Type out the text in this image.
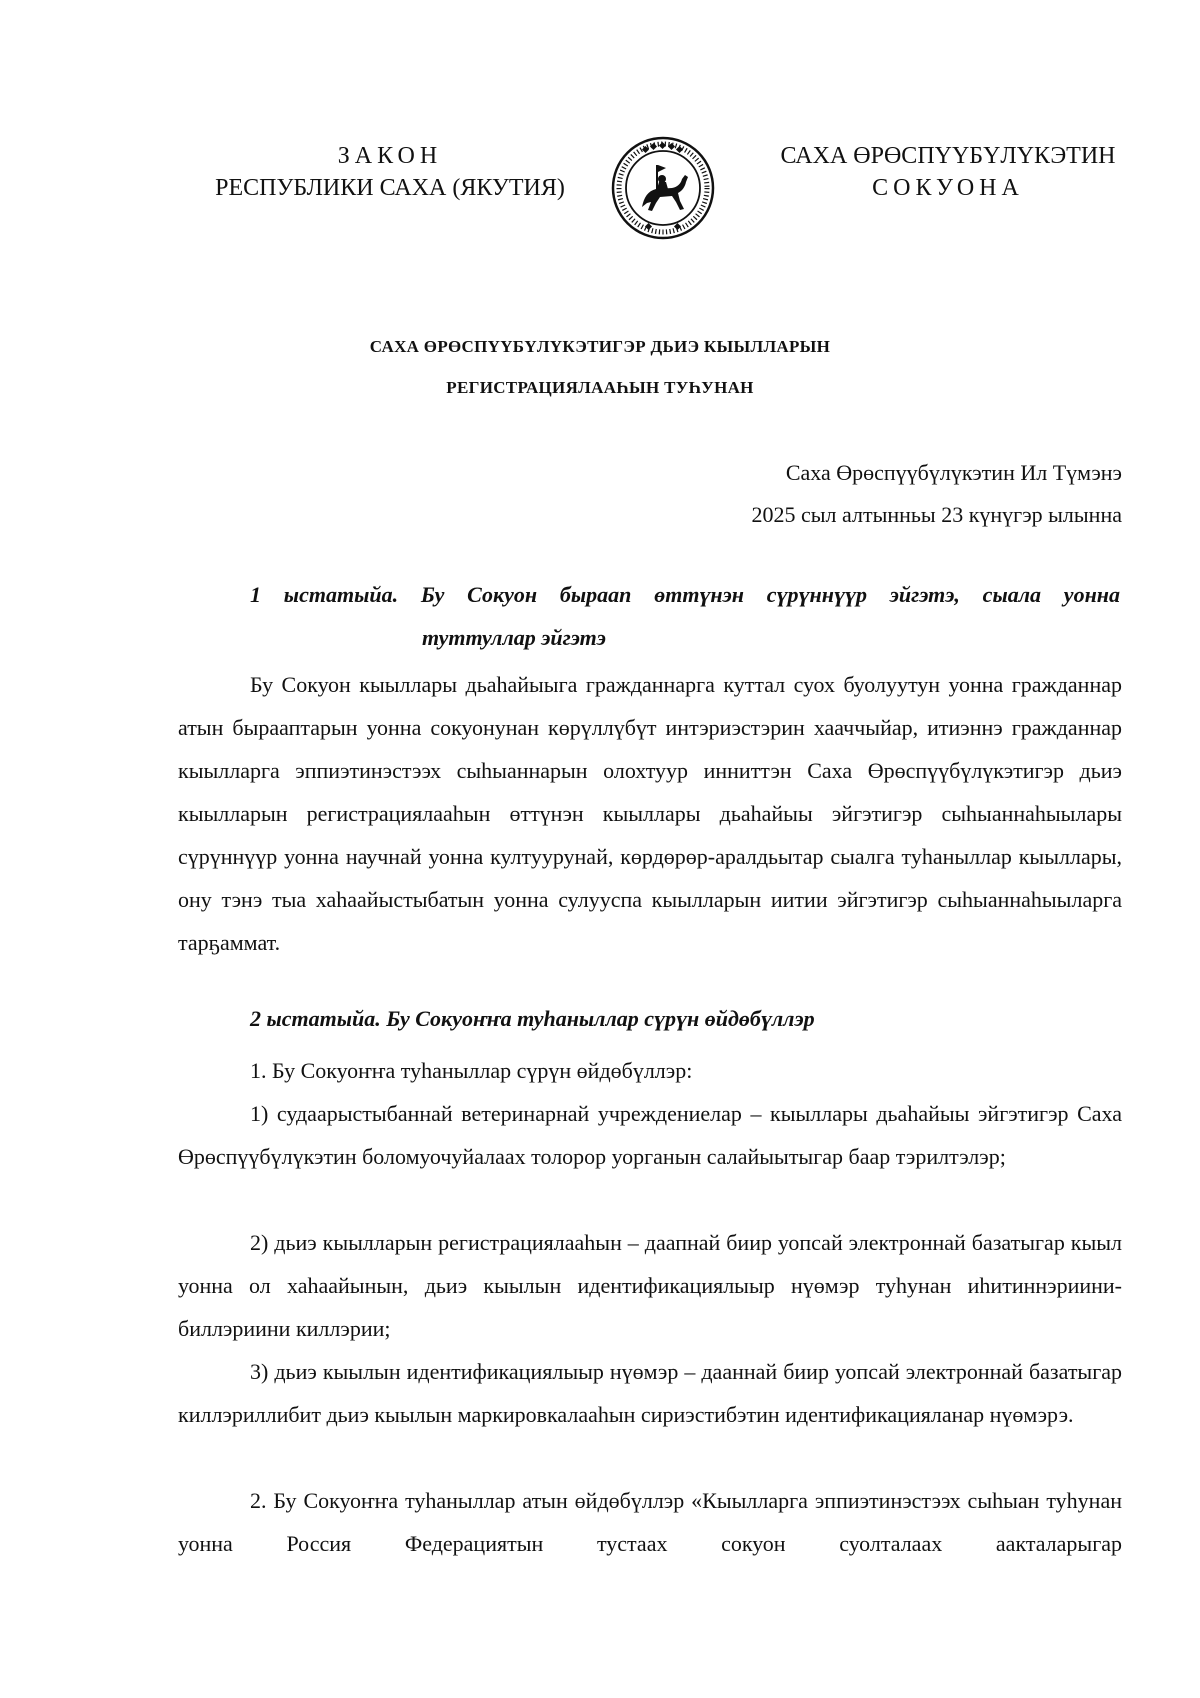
ЗАКОН
РЕСПУБЛИКИ САХА (ЯКУТИЯ)
САХА ӨРӨСПҮҮБҮЛҮКЭТИН
СОКУОНА
САХА ӨРӨСПҮҮБҮЛҮКЭТИГЭР ДЬИЭ КЫЫЛЛАРЫН
РЕГИСТРАЦИЯЛААҺЫН ТУҺУНАН
Саха Өрөспүүбүлүкэтин Ил Түмэнэ
2025 сыл алтынньы 23 күнүгэр ылынна
1 ыстатыйа. Бу Сокуон быраап өттүнэн сүрүннүүр эйгэтэ, сыала уонна
туттуллар эйгэтэ
Бу Сокуон кыыллары дьаһайыыга гражданнарга куттал суох буолуутун уонна гражданнар атын бырааптарын уонна сокуонунан көрүллүбүт интэриэстэрин хааччыйар, итиэннэ гражданнар кыылларга эппиэтинэстээх сыһыаннарын олохтуур инниттэн Саха Өрөспүүбүлүкэтигэр дьиэ кыылларын регистрациялааһын өттүнэн кыыллары дьаһайыы эйгэтигэр сыһыаннаһыылары сүрүннүүр уонна научнай уонна култуурунай, көрдөрөр-аралдьытар сыалга туһаныллар кыыллары, ону тэнэ тыа хаһаайыстыбатын уонна сулууспа кыылларын иитии эйгэтигэр сыһыаннаһыыларга тарҕаммат.
2 ыстатыйа. Бу Сокуоҥҥа туһаныллар сүрүн өйдөбүллэр
1. Бу Сокуоҥҥа туһаныллар сүрүн өйдөбүллэр:
1) судаарыстыбаннай ветеринарнай учреждениелар – кыыллары дьаһайыы эйгэтигэр Саха Өрөспүүбүлүкэтин боломуочуйалаах толорор уорганын салайыытыгар баар тэрилтэлэр;
2) дьиэ кыылларын регистрациялааһын – даапнай биир уопсай электроннай базатыгар кыыл уонна ол хаһаайынын, дьиэ кыылын идентификациялыыр нүөмэр туһунан иһитиннэриини-биллэриини киллэрии;
3) дьиэ кыылын идентификациялыыр нүөмэр – дааннай биир уопсай электроннай базатыгар киллэриллибит дьиэ кыылын маркировкалааһын сириэстибэтин идентификацияланар нүөмэрэ.
2. Бу Сокуоҥҥа туһаныллар атын өйдөбүллэр «Кыылларга эппиэтинэстээх сыһыан туһунан уонна Россия Федерациятын тустаах сокуон суолталаах аакталарыгар
